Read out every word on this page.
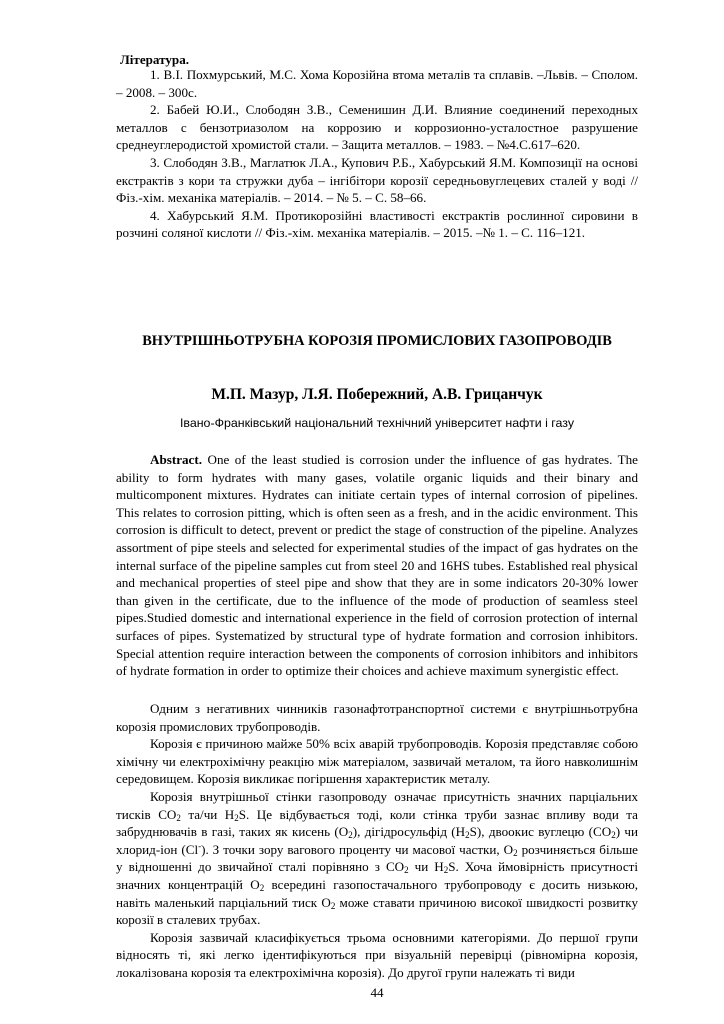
Література.

1. В.І. Похмурський, М.С. Хома Корозійна втома металів та сплавів. –Львів. – Сполом. – 2008. – 300с.

2. Бабей Ю.И., Слободян З.В., Семенишин Д.И. Влияние соединений переходных металлов с бензотриазолом на коррозию и коррозионно-усталостное разрушение среднеуглеродистой хромистой стали. – Защита металлов. – 1983. – №4.С.617–620.

3. Слободян З.В., Маглатюк Л.А., Купович Р.Б., Хабурський Я.М. Композиції на основі екстрактів з кори та стружки дуба – інгібітори корозії середньовуглецевих сталей у воді // Фіз.-хім. механіка матеріалів. – 2014. – № 5. – С. 58–66.

4. Хабурський Я.М. Протикорозійні властивості екстрактів рослинної сировини в розчині соляної кислоти // Фіз.-хім. механіка матеріалів. – 2015. –№ 1. – С. 116–121.

ВНУТРІШНЬОТРУБНА КОРОЗІЯ ПРОМИСЛОВИХ ГАЗОПРОВОДІВ
М.П. Мазур, Л.Я. Побережний, А.В. Грицанчук
Івано-Франківський національний технічний університет нафти і газу

Abstract. One of the least studied is corrosion under the influence of gas hydrates. The ability to form hydrates with many gases, volatile organic liquids and their binary and multicomponent mixtures. Hydrates can initiate certain types of internal corrosion of pipelines. This relates to corrosion pitting, which is often seen as a fresh, and in the acidic environment. This corrosion is difficult to detect, prevent or predict the stage of construction of the pipeline. Analyzes assortment of pipe steels and selected for experimental studies of the impact of gas hydrates on the internal surface of the pipeline samples cut from steel 20 and 16HS tubes. Established real physical and mechanical properties of steel pipe and show that they are in some indicators 20-30% lower than given in the certificate, due to the influence of the mode of production of seamless steel pipes.Studied domestic and international experience in the field of corrosion protection of internal surfaces of pipes. Systematized by structural type of hydrate formation and corrosion inhibitors. Special attention require interaction between the components of corrosion inhibitors and inhibitors of hydrate formation in order to optimize their choices and achieve maximum synergistic effect.

Одним з негативних чинників газонафтотранспортної системи є внутрішньотрубна корозія промислових трубопроводів.

Корозія є причиною майже 50% всіх аварій трубопроводів. Корозія представляє собою хімічну чи електрохімічну реакцію між матеріалом, зазвичай металом, та його навколишнім середовищем. Корозія викликає погіршення характеристик металу.

Корозія внутрішньої стінки газопроводу означає присутність значних парціальних тисків $CO_2$ та/чи $H_2S$. Це відбувається тоді, коли стінка труби зазнає впливу води та забруднювачів в газі, таких як кисень $(O_2)$, дігідросульфід $(H_2S)$, двоокис вуглецю $(CO_2)$ чи хлорид-іон (Cl-). З точки зору вагового проценту чи масової частки, $O_2$ розчиняється більше у відношенні до звичайної сталі порівняно з $CO_2$ чи $H_2S$. Хоча ймовірність присутності значних концентрацій $O_2$ всередині газопостачального трубопроводу є досить низькою, навіть маленький парціальний тиск $O_2$ може ставати причиною високої швидкості розвитку корозії в сталевих трубах.

Корозія зазвичай класифікується трьома основними категоріями. До першої групи відносять ті, які легко ідентифікуються при візуальній перевірці (рівномірна корозія, локалізована корозія та електрохімічна корозія). До другої групи належать ті види

44
